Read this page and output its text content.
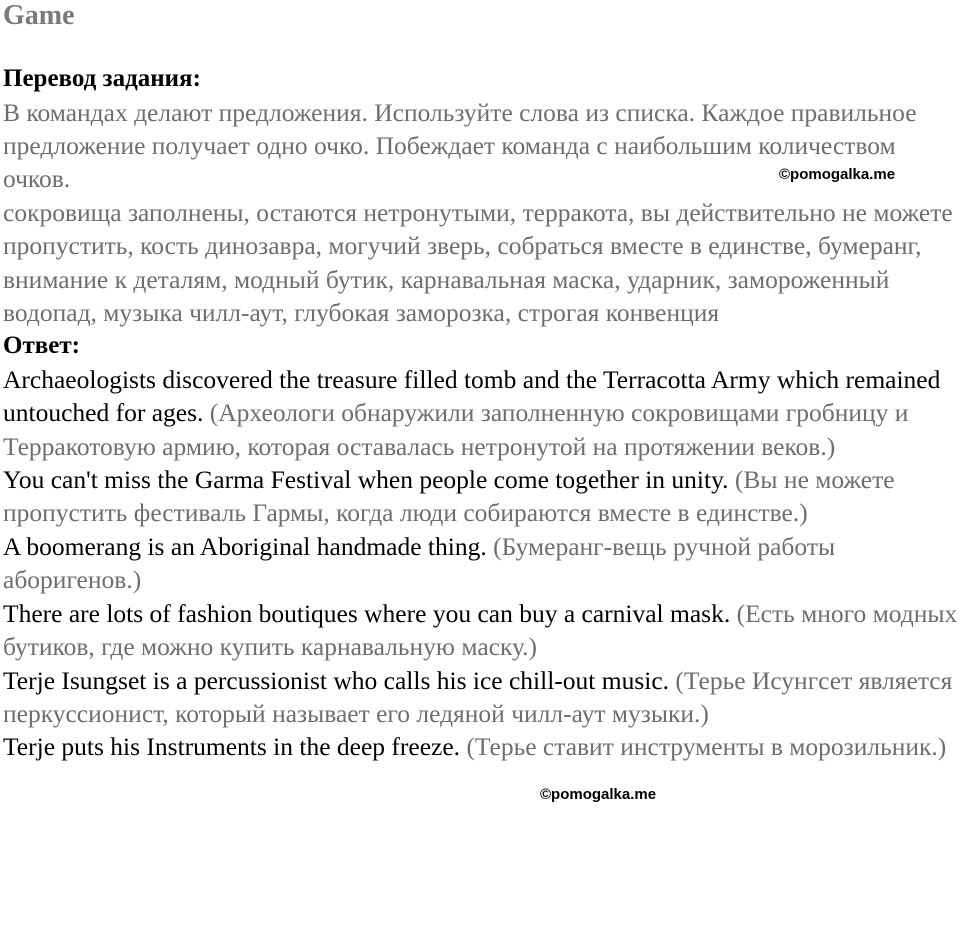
Game
Перевод задания:

В командах делают предложения. Используйте слова из списка. Каждое правильное предложение получает одно очко. Побеждает команда с наибольшим количеством очков.

сокровища заполнены, остаются нетронутыми, терракота, вы действительно не можете пропустить, кость динозавра, могучий зверь, собраться вместе в единстве, бумеранг, внимание к деталям, модный бутик, карнавальная маска, ударник, замороженный водопад, музыка чилл-аут, глубокая заморозка, строгая конвенция

Ответ:

Archaeologists discovered the treasure filled tomb and the Terracotta Army which remained untouched for ages. (Археологи обнаружили заполненную сокровищами гробницу и Терракотовую армию, которая оставалась нетронутой на протяжении веков.)

You can't miss the Garma Festival when people come together in unity. (Вы не можете пропустить фестиваль Гармы, когда люди собираются вместе в единстве.)

A boomerang is an Aboriginal handmade thing. (Бумеранг-вещь ручной работы аборигенов.)

There are lots of fashion boutiques where you can buy a carnival mask. (Есть много модных бутиков, где можно купить карнавальную маску.)

Terje Isungset is a percussionist who calls his ice chill-out music. (Терье Исунгсет является перкуссионист, который называет его ледяной чилл-аут музыки.)

Terje puts his Instruments in the deep freeze. (Терье ставит инструменты в морозильник.)

©pomogalka.me
©pomogalka.me
